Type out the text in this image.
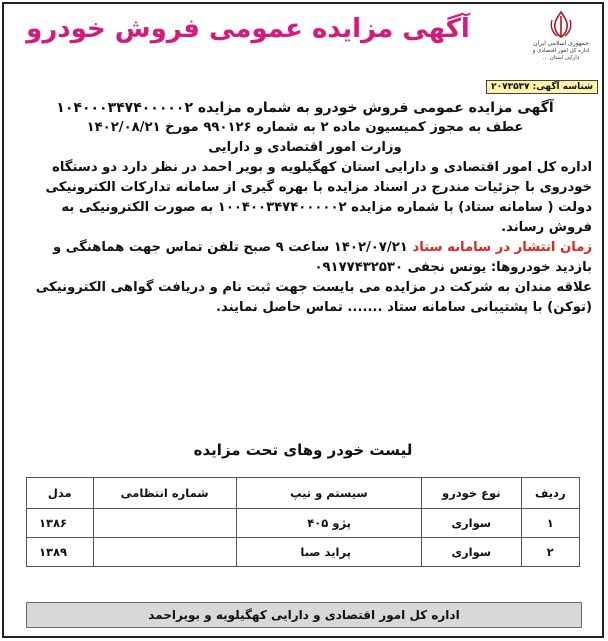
جمهوری اسلامی ایران
اداره کل امور اقتصادی و دارایی استان ...
آگهی مزایده عمومی فروش خودرو
شناسه آگهی: ۲۰۷۳۵۳۷

آگهی مزایده عمومی فروش خودرو به شماره مزایده ۱۰۴۰۰۰۳۴۷۴۰۰۰۰۰۲

عطف به مجوز کمیسیون ماده ۲ به شماره ۹۹۰۱۲۶ مورخ ۱۴۰۲/۰۸/۲۱

وزارت امور اقتصادی و دارایی

اداره کل امور اقتصادی و دارایی استان کهگیلویه و بویر احمد در نظر دارد دو دستگاه خودروی با جزئیات مندرج در اسناد مزایده با بهره گیری از سامانه تدارکات الکترونیکی دولت ( سامانه ستاد) با شماره مزایده ۱۰۰۴۰۰۳۴۷۴۰۰۰۰۰۲ به صورت الکترونیکی به فروش رساند.

زمان انتشار در سامانه ستاد ۱۴۰۲/۰۷/۲۱ ساعت ۹ صبح تلفن تماس جهت هماهنگی و بازدید خودروها: یونس نجفی ۰۹۱۷۷۴۳۲۵۳۰

علاقه مندان به شرکت در مزایده می بایست جهت ثبت نام و دریافت گواهی الکترونیکی (توکن) با پشتیبانی سامانه ستاد ....... تماس حاصل نمایند.

لیست خودر وهای تحت مزایده
ردیف	نوع خودرو	سیستم و تیپ	شماره انتظامی	مدل
۱	سواری	پژو ۴۰۵		۱۳۸۶
۲	سواری	پراید صبا		۱۳۸۹
اداره کل امور اقتصادی و دارایی کهگیلویه و بویراحمد
